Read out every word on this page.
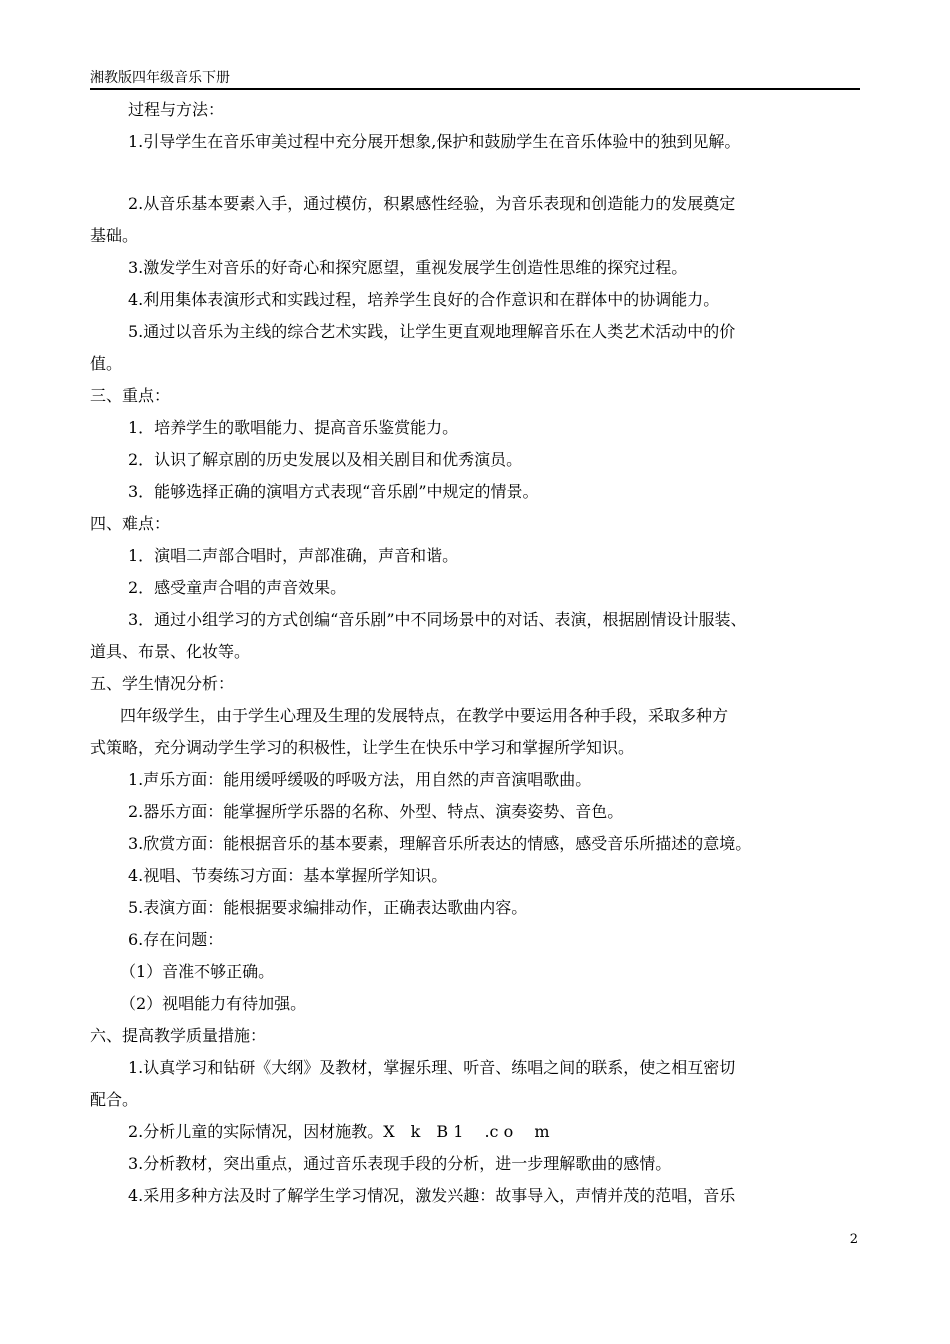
湘教版四年级音乐下册
过程与方法：
1.引导学生在音乐审美过程中充分展开想象,保护和鼓励学生在音乐体验中的独到见解。
2.从音乐基本要素入手，通过模仿，积累感性经验，为音乐表现和创造能力的发展奠定
基础。
3.激发学生对音乐的好奇心和探究愿望，重视发展学生创造性思维的探究过程。
4.利用集体表演形式和实践过程，培养学生良好的合作意识和在群体中的协调能力。
5.通过以音乐为主线的综合艺术实践，让学生更直观地理解音乐在人类艺术活动中的价
值。
三、重点：
1．培养学生的歌唱能力、提高音乐鉴赏能力。
2．认识了解京剧的历史发展以及相关剧目和优秀演员。
3．能够选择正确的演唱方式表现“音乐剧”中规定的情景。
四、难点：
1．演唱二声部合唱时，声部准确，声音和谐。
2．感受童声合唱的声音效果。
3．通过小组学习的方式创编“音乐剧”中不同场景中的对话、表演，根据剧情设计服装、
道具、布景、化妆等。
五、学生情况分析：
四年级学生，由于学生心理及生理的发展特点，在教学中要运用各种手段，采取多种方
式策略，充分调动学生学习的积极性，让学生在快乐中学习和掌握所学知识。
1.声乐方面：能用缓呼缓吸的呼吸方法，用自然的声音演唱歌曲。
2.器乐方面：能掌握所学乐器的名称、外型、特点、演奏姿势、音色。
3.欣赏方面：能根据音乐的基本要素，理解音乐所表达的情感，感受音乐所描述的意境。
4.视唱、节奏练习方面：基本掌握所学知识。
5.表演方面：能根据要求编排动作，正确表达歌曲内容。
6.存在问题：
（1）音准不够正确。
（2）视唱能力有待加强。
六、提高教学质量措施：
1.认真学习和钻研《大纲》及教材，掌握乐理、听音、练唱之间的联系，使之相互密切
配合。
2.分析儿童的实际情况，因材施教。X　k　B 1　 .c o　 m
3.分析教材，突出重点，通过音乐表现手段的分析，进一步理解歌曲的感情。
4.采用多种方法及时了解学生学习情况，激发兴趣：故事导入，声情并茂的范唱，音乐
2
